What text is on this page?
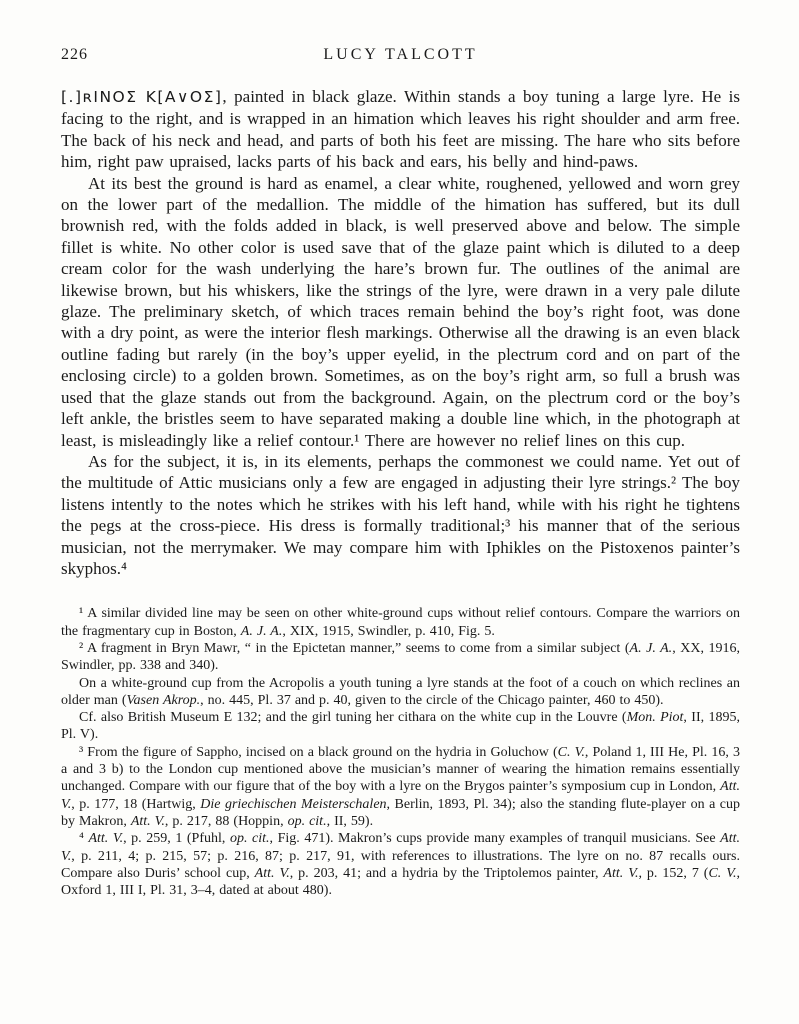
226	LUCY TALCOTT

[.]ʀINOΣ K[A∨OΣ], painted in black glaze. Within stands a boy tuning a large lyre. He is facing to the right, and is wrapped in an himation which leaves his right shoulder and arm free. The back of his neck and head, and parts of both his feet are missing. The hare who sits before him, right paw upraised, lacks parts of his back and ears, his belly and hind-paws.

At its best the ground is hard as enamel, a clear white, roughened, yellowed and worn grey on the lower part of the medallion. The middle of the himation has suffered, but its dull brownish red, with the folds added in black, is well preserved above and below. The simple fillet is white. No other color is used save that of the glaze paint which is diluted to a deep cream color for the wash underlying the hare’s brown fur. The outlines of the animal are likewise brown, but his whiskers, like the strings of the lyre, were drawn in a very pale dilute glaze. The preliminary sketch, of which traces remain behind the boy’s right foot, was done with a dry point, as were the interior flesh markings. Otherwise all the drawing is an even black outline fading but rarely (in the boy’s upper eyelid, in the plectrum cord and on part of the enclosing circle) to a golden brown. Sometimes, as on the boy’s right arm, so full a brush was used that the glaze stands out from the background. Again, on the plectrum cord or the boy’s left ankle, the bristles seem to have separated making a double line which, in the photograph at least, is misleadingly like a relief contour.¹ There are however no relief lines on this cup.

As for the subject, it is, in its elements, perhaps the commonest we could name. Yet out of the multitude of Attic musicians only a few are engaged in adjusting their lyre strings.² The boy listens intently to the notes which he strikes with his left hand, while with his right he tightens the pegs at the cross-piece. His dress is formally traditional;³ his manner that of the serious musician, not the merrymaker. We may compare him with Iphikles on the Pistoxenos painter’s skyphos.⁴

¹ A similar divided line may be seen on other white-ground cups without relief contours. Compare the warriors on the fragmentary cup in Boston, A. J. A., XIX, 1915, Swindler, p. 410, Fig. 5.

² A fragment in Bryn Mawr, “ in the Epictetan manner,” seems to come from a similar subject (A. J. A., XX, 1916, Swindler, pp. 338 and 340).

On a white-ground cup from the Acropolis a youth tuning a lyre stands at the foot of a couch on which reclines an older man (Vasen Akrop., no. 445, Pl. 37 and p. 40, given to the circle of the Chicago painter, 460 to 450).

Cf. also British Museum E 132; and the girl tuning her cithara on the white cup in the Louvre (Mon. Piot, II, 1895, Pl. V).

³ From the figure of Sappho, incised on a black ground on the hydria in Goluchow (C. V., Poland 1, III He, Pl. 16, 3 a and 3 b) to the London cup mentioned above the musician’s manner of wearing the himation remains essentially unchanged. Compare with our figure that of the boy with a lyre on the Brygos painter’s symposium cup in London, Att. V., p. 177, 18 (Hartwig, Die griechischen Meisterschalen, Berlin, 1893, Pl. 34); also the standing flute-player on a cup by Makron, Att. V., p. 217, 88 (Hoppin, op. cit., II, 59).

⁴ Att. V., p. 259, 1 (Pfuhl, op. cit., Fig. 471). Makron’s cups provide many examples of tranquil musicians. See Att. V., p. 211, 4; p. 215, 57; p. 216, 87; p. 217, 91, with references to illustrations. The lyre on no. 87 recalls ours. Compare also Duris’ school cup, Att. V., p. 203, 41; and a hydria by the Triptolemos painter, Att. V., p. 152, 7 (C. V., Oxford 1, III I, Pl. 31, 3–4, dated at about 480).
